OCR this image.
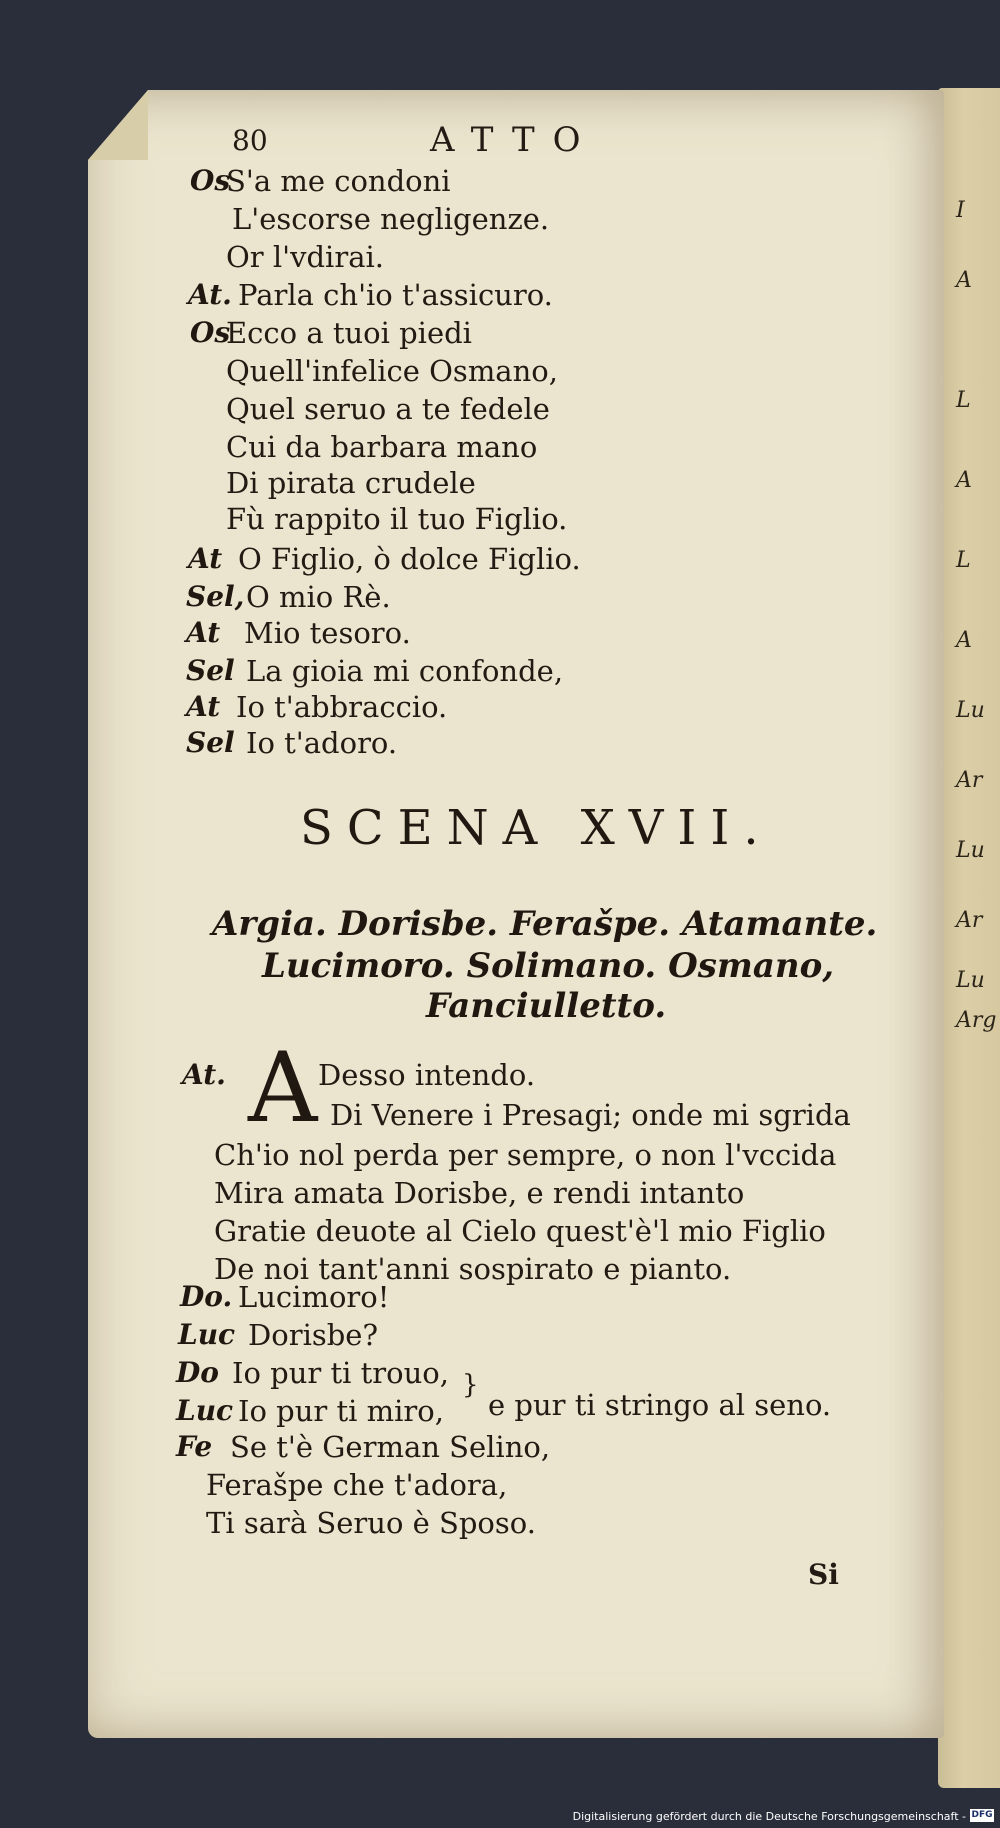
I
A
L
A
L
A
Lu
Ar
Lu
Ar
Lu
Arg
80	ATTO
Os
S'a me condoni
L'escorse negligenze.
Or l'vdirai.
At. Parla ch'io t'assicuro.
Os
Ecco a tuoi piedi
Quell'infelice Osmano,
Quel seruo a te fedele
Cui da barbara mano
Di pirata crudele
Fù rappito il tuo Figlio.
At O Figlio, ò dolce Figlio.
Sel, O mio Rè.
At Mio tesoro.
Sel La gioia mi confonde,
At Io t'abbraccio.
Sel Io t'adoro.
SCENA XVII.
Argia. Dorisbe. Ferašpe. Atamante.
Lucimoro. Solimano. Osmano,
Fanciulletto.
At. A Desso intendo.
Di Venere i Presagi; onde mi sgrida
Ch'io nol perda per sempre, o non l'vccida
Mira amata Dorisbe, e rendi intanto
Gratie deuote al Cielo quest'è'l mio Figlio
De noi tant'anni sospirato e pianto.
Do. Lucimoro!
Luc Dorisbe?
Do Io pur ti trouo,
Luc Io pur ti miro,
}
e pur ti stringo al seno.
Fe Se t'è German Selino,
Ferašpe che t'adora,
Ti sarà Seruo è Sposo.
Si
Digitalisierung gefördert durch die Deutsche Forschungsgemeinschaft - DFG
